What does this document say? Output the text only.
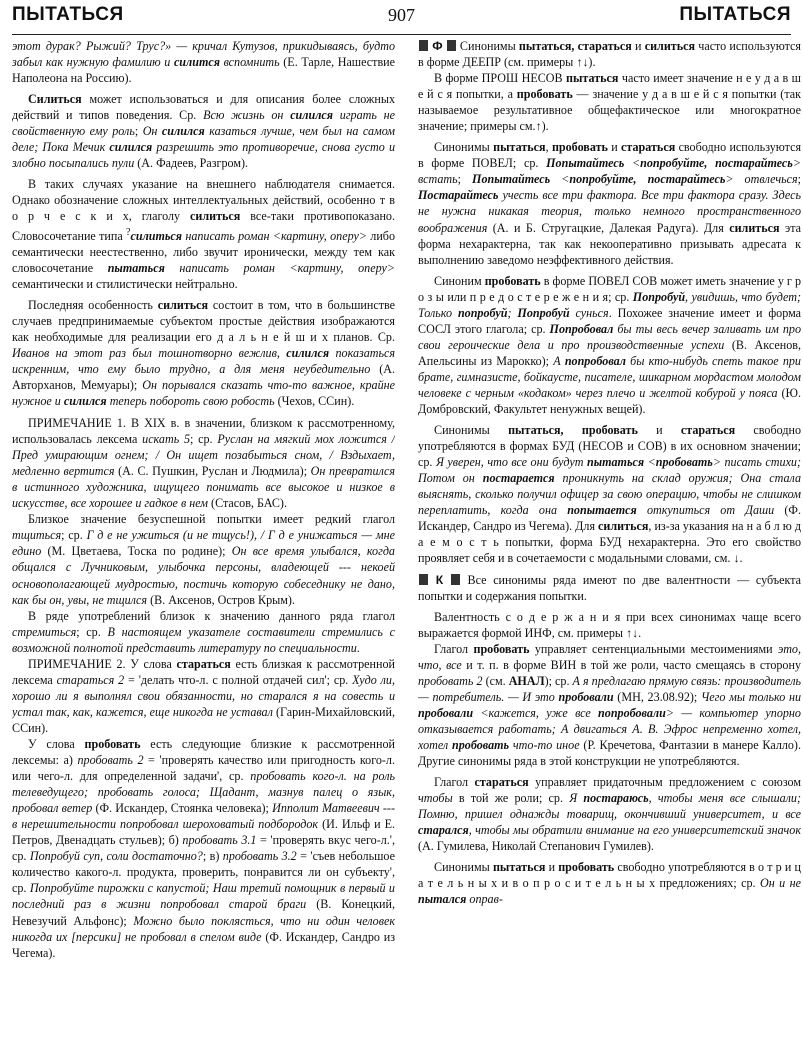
ПЫТАТЬСЯ	907	ПЫТАТЬСЯ

этот дурак? Рыжий? Трус?» — кричал Кутузов, прикидываясь, будто забыл как нужную фамилию и силится вспомнить (Е. Тарле, Нашествие Наполеона на Россию).

Силиться может использоваться и для описания более сложных действий и типов поведения. Ср. Всю жизнь он силился играть не свойственную ему роль; Он силился казаться лучше, чем был на самом деле; Пока Мечик силился разрешить это противоречие, снова густо и злобно посыпались пули (А. Фадеев, Разгром).

В таких случаях указание на внешнего наблюдателя снимается. Однако обозначение сложных интеллектуальных действий, особенно т в о р ч е с к и х, глаголу силиться все-таки противопоказано. Словосочетание типа ?силиться написать роман <картину, оперу> либо семантически неестественно, либо звучит иронически, между тем как словосочетание пытаться написать роман <картину, оперу> семантически и стилистически нейтрально.

Последняя особенность силиться состоит в том, что в большинстве случаев предпринимаемые субъектом простые действия изображаются как необходимые для реализации его д а л ь н е й ш и х планов. Ср. Иванов на этот раз был тошнотворно вежлив, силился показаться искренним, что ему было трудно, а для меня неубедительно (А. Авторханов, Мемуары); Он порывался сказать что-то важное, крайне нужное и силился теперь побороть свою робость (Чехов, ССин).

ПРИМЕЧАНИЕ 1. В XIX в. в значении, близком к рассмотренному, использовалась лексема искать 5; ср. Руслан на мягкий мох ложится / Пред умирающим огнем; / Он ищет позабыться сном, / Вздыхает, медленно вертится (А. С. Пушкин, Руслан и Людмила); Он превратился в истинного художника, ищущего понимать все высокое и низкое в искусстве, все хорошее и гадкое в нем (Стасов, БАС).

Близкое значение безуспешной попытки имеет редкий глагол тщиться; ср. Г д е не ужиться (и не тщусь!), / Г д е унижаться — мне едино (М. Цветаева, Тоска по родине); Он все время улыбался, когда общался с Лучниковым, улыбочка персоны, владеющей --- некоей основополагающей мудростью, постичь которую собеседнику не дано, как бы он, увы, не тщился (В. Аксенов, Остров Крым).

В ряде употреблений близок к значению данного ряда глагол стремиться; ср. В настоящем указателе составители стремились с возможной полнотой представить литературу по специальности.

ПРИМЕЧАНИЕ 2. У слова стараться есть близкая к рассмотренной лексема стараться 2 = 'делать что-л. с полной отдачей сил'; ср. Худо ли, хорошо ли я выполнял свои обязанности, но старался я на совесть и устал так, как, кажется, еще никогда не уставал (Гарин-Михайловский, ССин).

У слова пробовать есть следующие близкие к рассмотренной лексемы: а) пробовать 2 = 'проверять качество или пригодность кого-л. или чего-л. для определенной задачи', ср. пробовать кого-л. на роль телеведущего; пробовать голоса; Щадант, мазнув палец о язык, пробовал ветер (Ф. Искандер, Стоянка человека); Ипполит Матвеевич --- в нерешительности попробовал шероховатый подбородок (И. Ильф и Е. Петров, Двенадцать стульев); б) пробовать 3.1 = 'проверять вкус чего-л.', ср. Попробуй суп, соли достаточно?; в) пробовать 3.2 = 'съев небольшое количество какого-л. продукта, проверить, понравится ли он субъекту', ср. Попробуйте пирожки с капустой; Наш третий помощник в первый и последний раз в жизни попробовал старой браги (В. Конецкий, Невезучий Альфонс); Можно было поклясться, что ни один человек никогда их [персики] не пробовал в спелом виде (Ф. Искандер, Сандро из Чегема).

Ф  Синонимы пытаться, стараться и силиться часто используются в форме ДЕЕПР (см. примеры ↑↓).

В форме ПРОШ НЕСОВ пытаться часто имеет значение н е у д а в ш е й с я попытки, а пробовать — значение у д а в ш е й с я попытки (так называемое результативное общефактическое или многократное значение; примеры см.↑).

Синонимы пытаться, пробовать и стараться свободно используются в форме ПОВЕЛ; ср. Попытайтесь <попробуйте, постарайтесь> встать; Попытайтесь <попробуйте, постарайтесь> отвлечься; Постарайтесь учесть все три фактора. Все три фактора сразу. Здесь не нужна никакая теория, только немного пространственного воображения (А. и Б. Стругацкие, Далекая Радуга). Для силиться эта форма нехарактерна, так как некооперативно призывать адресата к выполнению заведомо неэффективного действия.

Синоним пробовать в форме ПОВЕЛ СОВ может иметь значение у г р о з ы или п р е д о с т е р е ж е н и я; ср. Попробуй, увидишь, что будет; Только попробуй; Попробуй сунься. Похожее значение имеет и форма СОСЛ этого глагола; ср. Попробовал бы ты весь вечер заливать им про свои героические дела и про производственные успехи (В. Аксенов, Апельсины из Марокко); А попробовал бы кто-нибудь спеть такое при брате, гимназисте, бойкаусте, писателе, шикарном мордастом молодом человеке с черным «кодаком» через плечо и желтой кобурой у пояса (Ю. Домбровский, Факультет ненужных вещей).

Синонимы пытаться, пробовать и стараться свободно употребляются в формах БУД (НЕСОВ и СОВ) в их основном значении; ср. Я уверен, что все они будут пытаться <пробовать> писать стихи; Потом он постарается проникнуть на склад оружия; Она стала выяснять, сколько получил офицер за свою операцию, чтобы не слишком переплатить, когда она попытается откупиться от Даши (Ф. Искандер, Сандро из Чегема). Для силиться, из-за указания на н а б л ю д а е м о с т ь попытки, форма БУД нехарактерна. Это его свойство проявляет себя и в сочетаемости с модальными словами, см. ↓.

К  Все синонимы ряда имеют по две валентности — субъекта попытки и содержания попытки.

Валентность с о д е р ж а н и я при всех синонимах чаще всего выражается формой ИНФ, см. примеры ↑↓.

Глагол пробовать управляет сентенциальными местоимениями это, что, все и т. п. в форме ВИН в той же роли, часто смещаясь в сторону пробовать 2 (см. АНАЛ); ср. А я предлагаю прямую связь: производитель — потребитель. — И это пробовали (МН, 23.08.92); Чего мы только ни пробовали <кажется, уже все попробовали> — компьютер упорно отказывается работать; А двигаться А. В. Эфрос непременно хотел, хотел пробовать что-то иное (Р. Кречетова, Фантазии в манере Калло). Другие синонимы ряда в этой конструкции не употребляются.

Глагол стараться управляет придаточным предложением с союзом чтобы в той же роли; ср. Я постараюсь, чтобы меня все слышали; Помню, пришел однажды товарищ, окончивший университет, и все старался, чтобы мы обратили внимание на его университетский значок (А. Гумилева, Николай Степанович Гумилев).

Синонимы пытаться и пробовать свободно употребляются в о т р и ц а т е л ь н ы х и в о п р о с и т е л ь н ы х предложениях; ср. Он и не пытался оправ-
